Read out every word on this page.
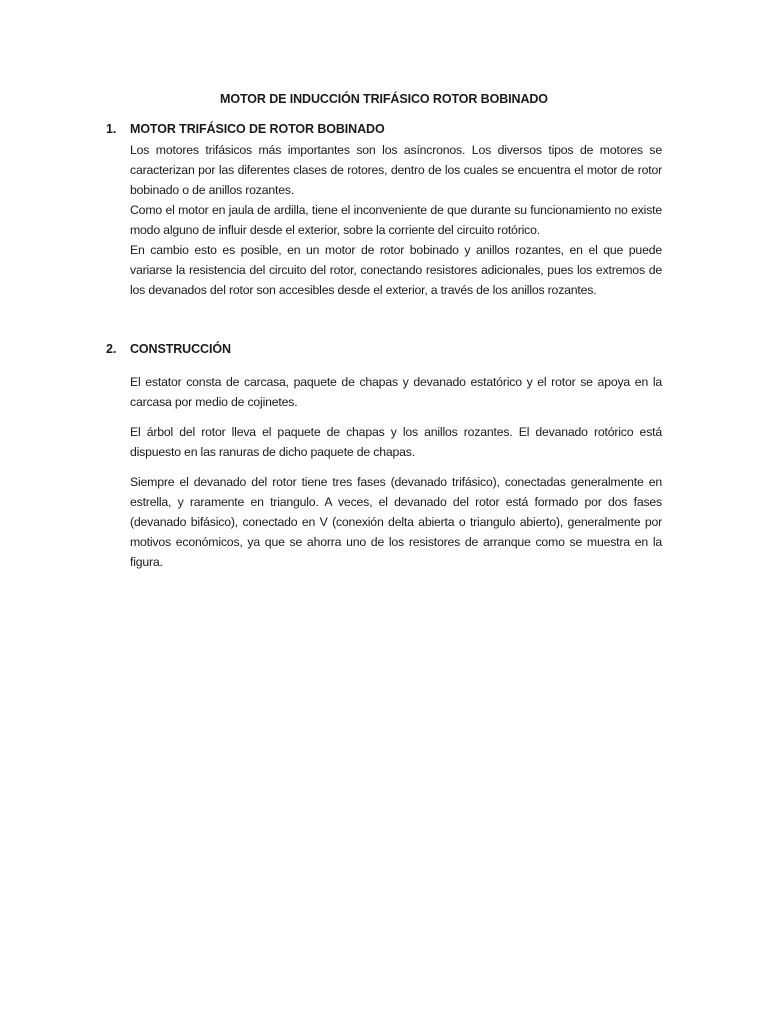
MOTOR DE INDUCCIÓN TRIFÁSICO ROTOR BOBINADO
1. MOTOR TRIFÁSICO DE ROTOR BOBINADO

Los motores trifásicos más importantes son los asíncronos. Los diversos tipos de motores se caracterizan por las diferentes clases de rotores, dentro de los cuales se encuentra el motor de rotor bobinado o de anillos rozantes.

Como el motor en jaula de ardilla, tiene el inconveniente de que durante su funcionamiento no existe modo alguno de influir desde el exterior, sobre la corriente del circuito rotórico.

En cambio esto es posible, en un motor de rotor bobinado y anillos rozantes, en el que puede variarse la resistencia del circuito del rotor, conectando resistores adicionales, pues los extremos de los devanados del rotor son accesibles desde el exterior, a través de los anillos rozantes.

2. CONSTRUCCIÓN

El estator consta de carcasa, paquete de chapas y devanado estatórico y el rotor se apoya en la carcasa por medio de cojinetes.

El árbol del rotor lleva el paquete de chapas y los anillos rozantes. El devanado rotórico está dispuesto en las ranuras de dicho paquete de chapas.

Siempre el devanado del rotor tiene tres fases (devanado trifásico), conectadas generalmente en estrella, y raramente en triangulo. A veces, el devanado del rotor está formado por dos fases (devanado bifásico), conectado en V (conexión delta abierta o triangulo abierto), generalmente por motivos económicos, ya que se ahorra uno de los resistores de arranque como se muestra en la figura.
